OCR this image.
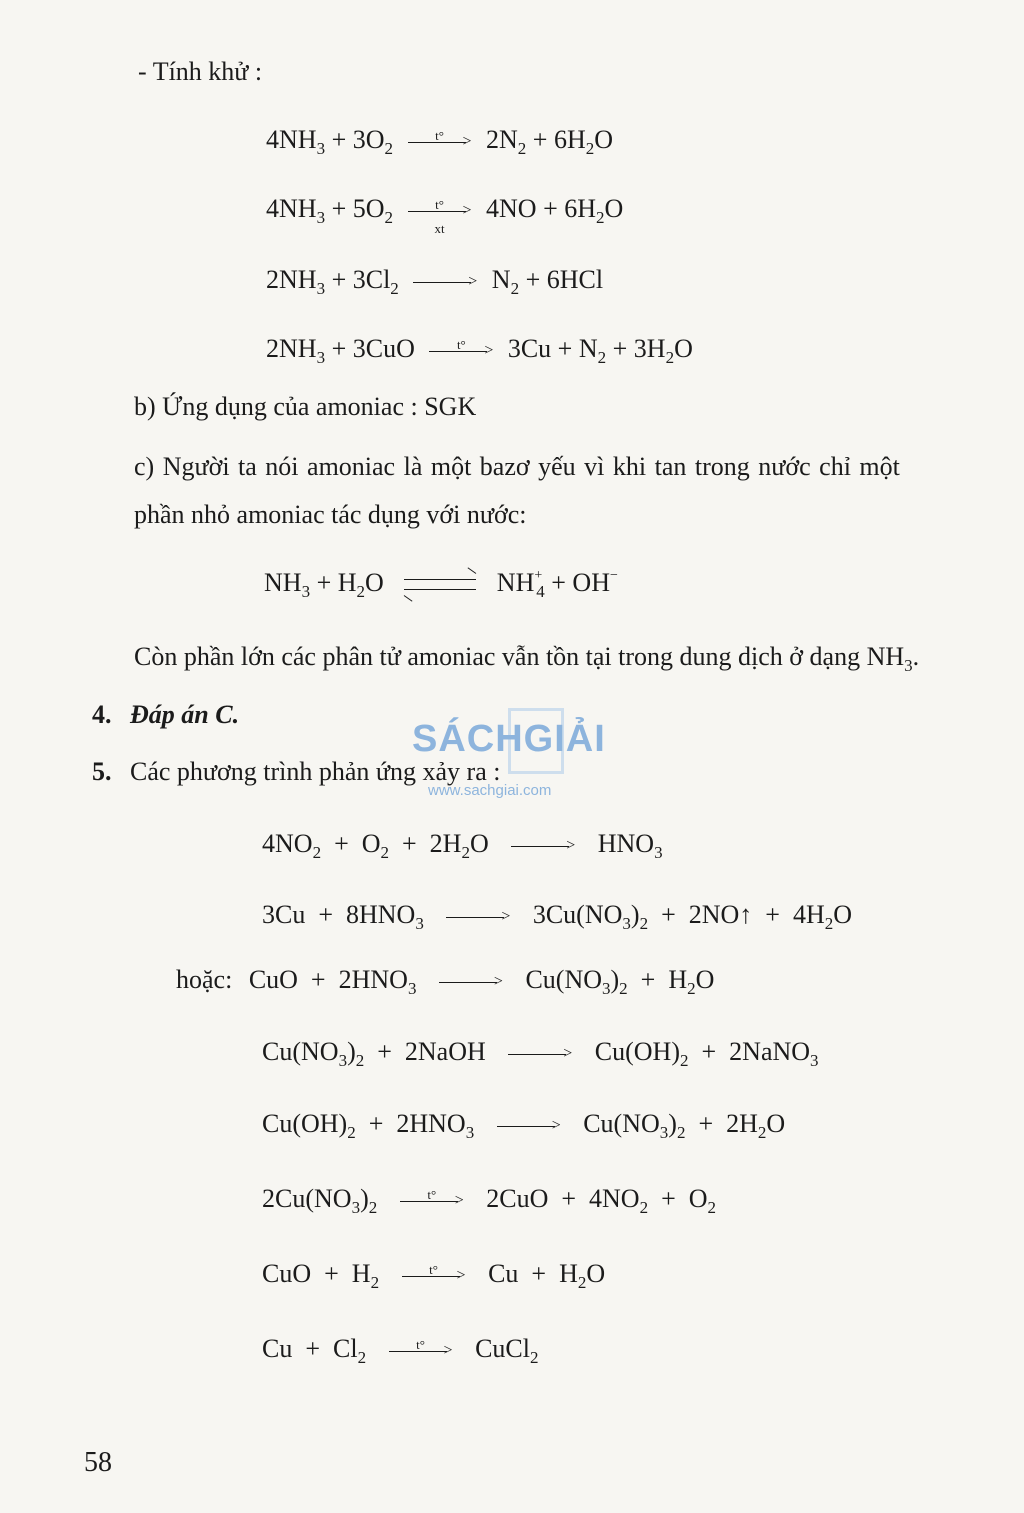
- Tính khử :
$4NH_3 + 3O_2$
t°	> $2N_2 + 6H_2O$
$4NH_3 + 5O_2$
t°	>
xt
$4NO + 6H_2O$
$2NH_3 + 3Cl_2$	> $N_2 + 6HCl$
$2NH_3 + 3CuO$	t°	> $3Cu + N_2 + 3H_2O$
b) Ứng dụng của amoniac : SGK
c) Người ta nói amoniac là một bazơ yếu vì khi tan trong nước chỉ một
phần nhỏ amoniac tác dụng với nước:
$NH_3 + H_2O$	$NH^+_4 + OH^-$
Còn phần lớn các phân tử amoniac vẫn tồn tại trong dung dịch ở dạng $NH_3$.
4. Đáp án C.
SÁCHGIẢI
www.sachgiai.com
5. Các phương trình phản ứng xảy ra :
$4NO_2 + O_2 + 2H_2O$	> $HNO_3$
$3Cu + 8HNO_3$	> $3Cu(NO_3)_2$  +  2NO↑  +  $4H_2O$
hoặc: CuO  +  $2HNO_3$	> $Cu(NO_3)_2 + H_2O$
$Cu(NO_3)_2$  +  2NaOH	> $Cu(OH)_2$  +  2NaNO$_3$
$Cu(OH)_2 + 2HNO_3$	> $Cu(NO_3)_2 + 2H_2O$
$2Cu(NO_3)_2$
t°	> $2CuO + 4NO_2 + O_2$
CuO  +  $H_2$
t°	> $Cu + H_2O$
$Cu + Cl_2$
t°	> CuCl$_2$
58
